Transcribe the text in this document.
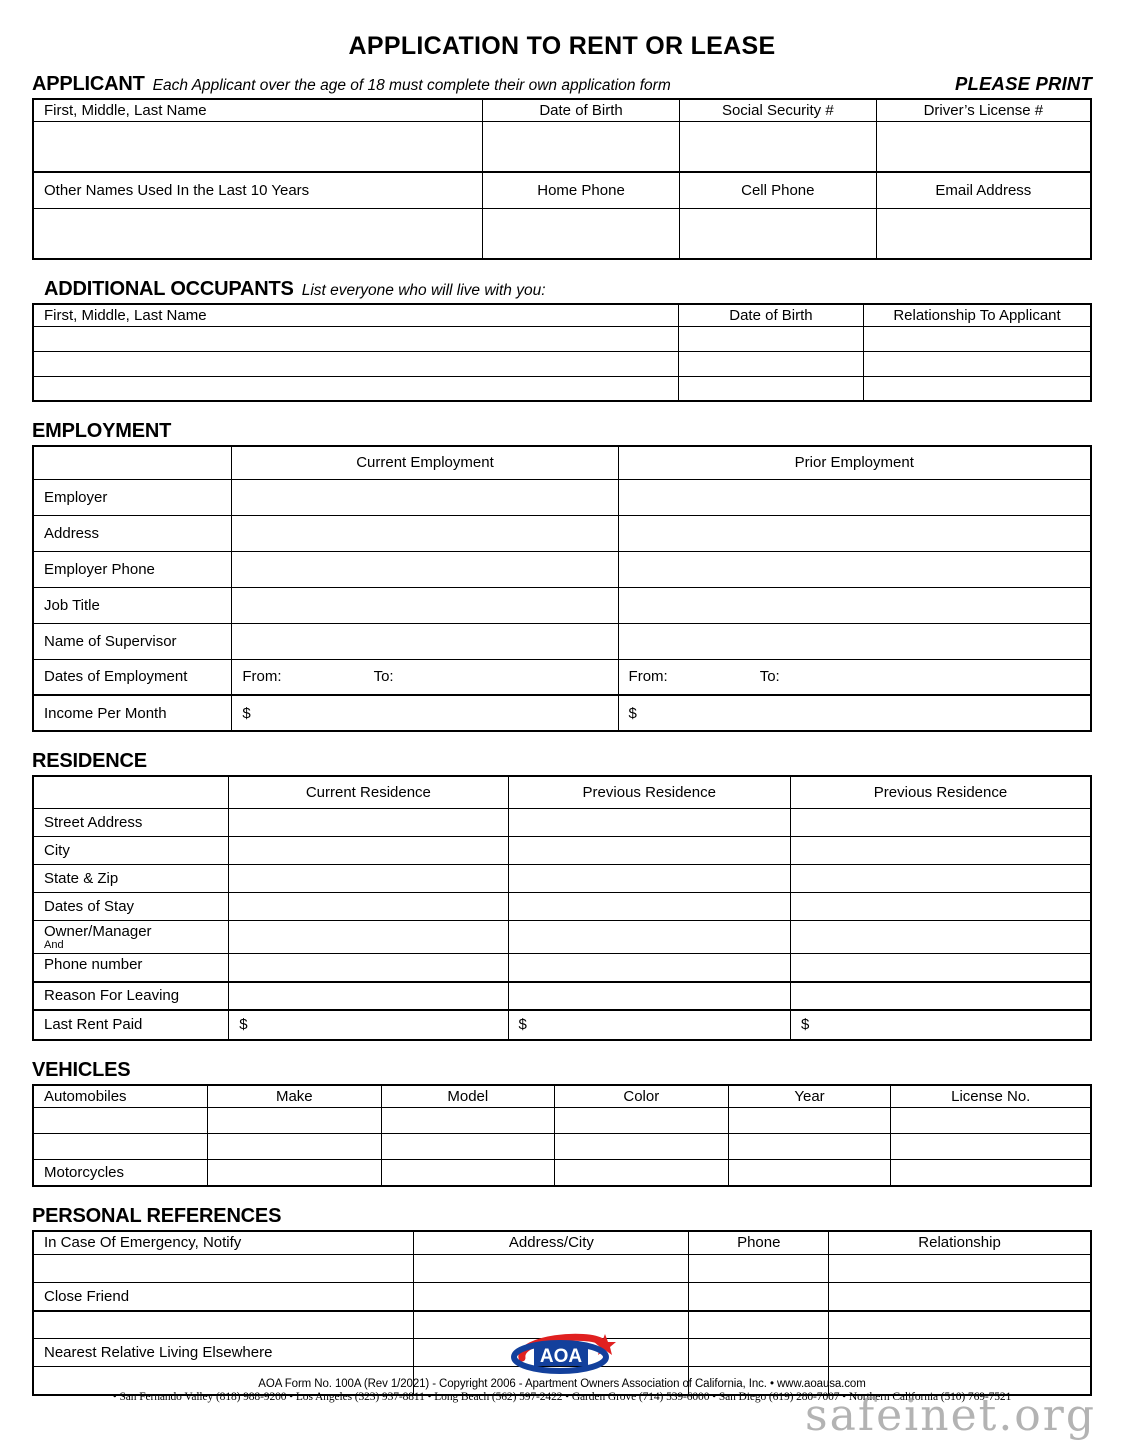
APPLICATION TO RENT OR LEASE
APPLICANT Each Applicant over the age of 18 must complete their own application form	PLEASE PRINT
First, Middle, Last Name	Date of Birth	Social Security #	Driver’s License #

Other Names Used In the Last 10 Years	Home Phone	Cell Phone	Email Address

ADDITIONAL OCCUPANTS List everyone who will live with you:
First, Middle, Last Name	Date of Birth	Relationship To Applicant

EMPLOYMENT
	Current Employment	Prior Employment
Employer		
Address		
Employer Phone		
Job Title		
Name of Supervisor		
Dates of Employment	From: To:	From: To:
Income Per Month	$	$
RESIDENCE
	Current Residence	Previous Residence	Previous Residence
Street Address			
City			
State & Zip			
Dates of Stay			
Owner/Manager
And			

Phone number			
Reason For Leaving			
Last Rent Paid	$	$	$
VEHICLES
Automobiles	Make	Model	Color	Year	License No.

Motorcycles					
PERSONAL REFERENCES
In Case Of Emergency, Notify	Address/City	Phone	Relationship

Close Friend			

Nearest Relative Living Elsewhere			
				AOA
AOA Form No. 100A (Rev 1/2021) - Copyright 2006 - Apartment Owners Association of California, Inc. • www.aoausa.com
• San Fernando Valley (818) 988-9200 • Los Angeles (323) 937-8811 • Long Beach (562) 597-2422 • Garden Grove (714) 539-6000 • San Diego (619) 280-7007 • Northern California (510) 769-7521
safeinet.org
